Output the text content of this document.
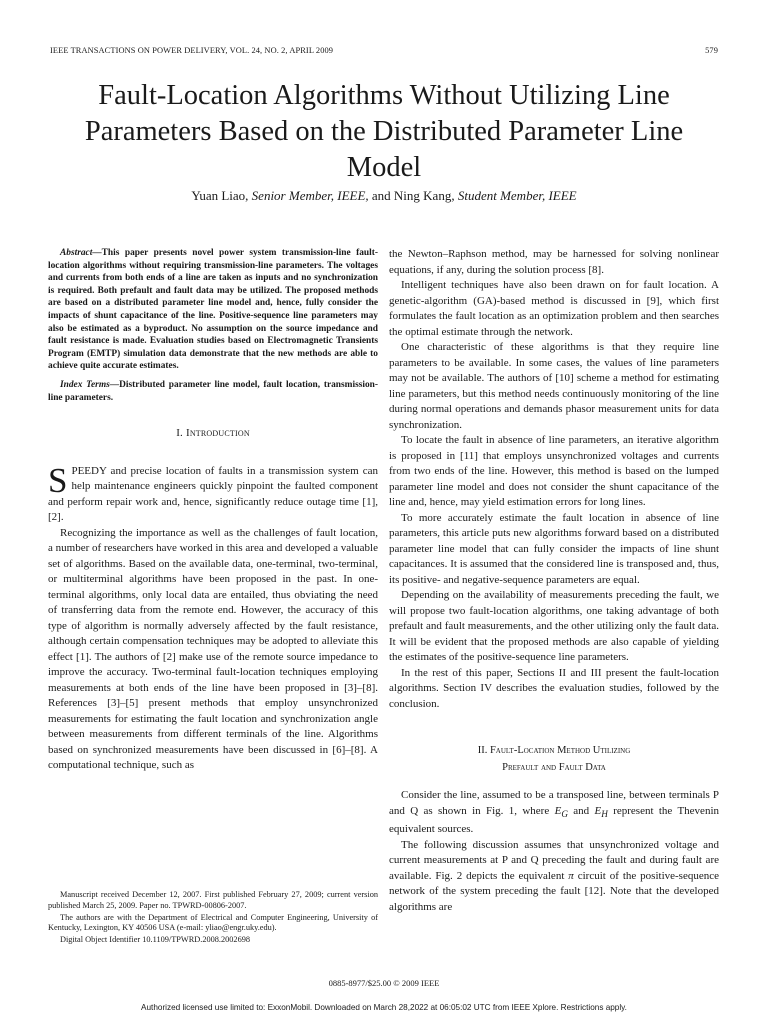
IEEE TRANSACTIONS ON POWER DELIVERY, VOL. 24, NO. 2, APRIL 2009	579
Fault-Location Algorithms Without Utilizing Line Parameters Based on the Distributed Parameter Line Model
Yuan Liao, Senior Member, IEEE, and Ning Kang, Student Member, IEEE

Abstract—This paper presents novel power system transmission-line fault-location algorithms without requiring transmission-line parameters. The voltages and currents from both ends of a line are taken as inputs and no synchronization is required. Both prefault and fault data may be utilized. The proposed methods are based on a distributed parameter line model and, hence, fully consider the impacts of shunt capacitance of the line. Positive-sequence line parameters may also be estimated as a byproduct. No assumption on the source impedance and fault resistance is made. Evaluation studies based on Electromagnetic Transients Program (EMTP) simulation data demonstrate that the new methods are able to achieve quite accurate estimates.

Index Terms—Distributed parameter line model, fault location, transmission-line parameters.

I. Introduction

SPEEDY and precise location of faults in a transmission system can help maintenance engineers quickly pinpoint the faulted component and perform repair work and, hence, significantly reduce outage time [1], [2].

Recognizing the importance as well as the challenges of fault location, a number of researchers have worked in this area and developed a valuable set of algorithms. Based on the available data, one-terminal, two-terminal, or multiterminal algorithms have been proposed in the past. In one-terminal algorithms, only local data are entailed, thus obviating the need of transferring data from the remote end. However, the accuracy of this type of algorithm is normally adversely affected by the fault resistance, although certain compensation techniques may be adopted to alleviate this effect [1]. The authors of [2] make use of the remote source impedance to improve the accuracy. Two-terminal fault-location techniques employing measurements at both ends of the line have been proposed in [3]–[8]. References [3]–[5] present methods that employ unsynchronized measurements for estimating the fault location and synchronization angle between measurements from different terminals of the line. Algorithms based on synchronized measurements have been discussed in [6]–[8]. A computational technique, such as

Manuscript received December 12, 2007. First published February 27, 2009; current version published March 25, 2009. Paper no. TPWRD-00806-2007.

The authors are with the Department of Electrical and Computer Engineering, University of Kentucky, Lexington, KY 40506 USA (e-mail: yliao@engr.uky.edu).

Digital Object Identifier 10.1109/TPWRD.2008.2002698

the Newton–Raphson method, may be harnessed for solving nonlinear equations, if any, during the solution process [8].

Intelligent techniques have also been drawn on for fault location. A genetic-algorithm (GA)-based method is discussed in [9], which first formulates the fault location as an optimization problem and then searches the optimal estimate through the network.

One characteristic of these algorithms is that they require line parameters to be available. In some cases, the values of line parameters may not be available. The authors of [10] scheme a method for estimating line parameters, but this method needs continuously monitoring of the line during normal operations and demands phasor measurement units for data synchronization.

To locate the fault in absence of line parameters, an iterative algorithm is proposed in [11] that employs unsynchronized voltages and currents from two ends of the line. However, this method is based on the lumped parameter line model and does not consider the shunt capacitance of the line and, hence, may yield estimation errors for long lines.

To more accurately estimate the fault location in absence of line parameters, this article puts new algorithms forward based on a distributed parameter line model that can fully consider the impacts of line shunt capacitances. It is assumed that the considered line is transposed and, thus, its positive- and negative-sequence parameters are equal.

Depending on the availability of measurements preceding the fault, we will propose two fault-location algorithms, one taking advantage of both prefault and fault measurements, and the other utilizing only the fault data. It will be evident that the proposed methods are also capable of yielding the estimates of the positive-sequence line parameters.

In the rest of this paper, Sections II and III present the fault-location algorithms. Section IV describes the evaluation studies, followed by the conclusion.

II. Fault-Location Method Utilizing
Prefault and Fault Data

Consider the line, assumed to be a transposed line, between terminals P and Q as shown in Fig. 1, where $E_G$ and $E_H$ represent the Thevenin equivalent sources.

The following discussion assumes that unsynchronized voltage and current measurements at P and Q preceding the fault and during fault are available. Fig. 2 depicts the equivalent π circuit of the positive-sequence network of the system preceding the fault [12]. Note that the developed algorithms are

0885-8977/$25.00 © 2009 IEEE
Authorized licensed use limited to: ExxonMobil. Downloaded on March 28,2022 at 06:05:02 UTC from IEEE Xplore. Restrictions apply.
